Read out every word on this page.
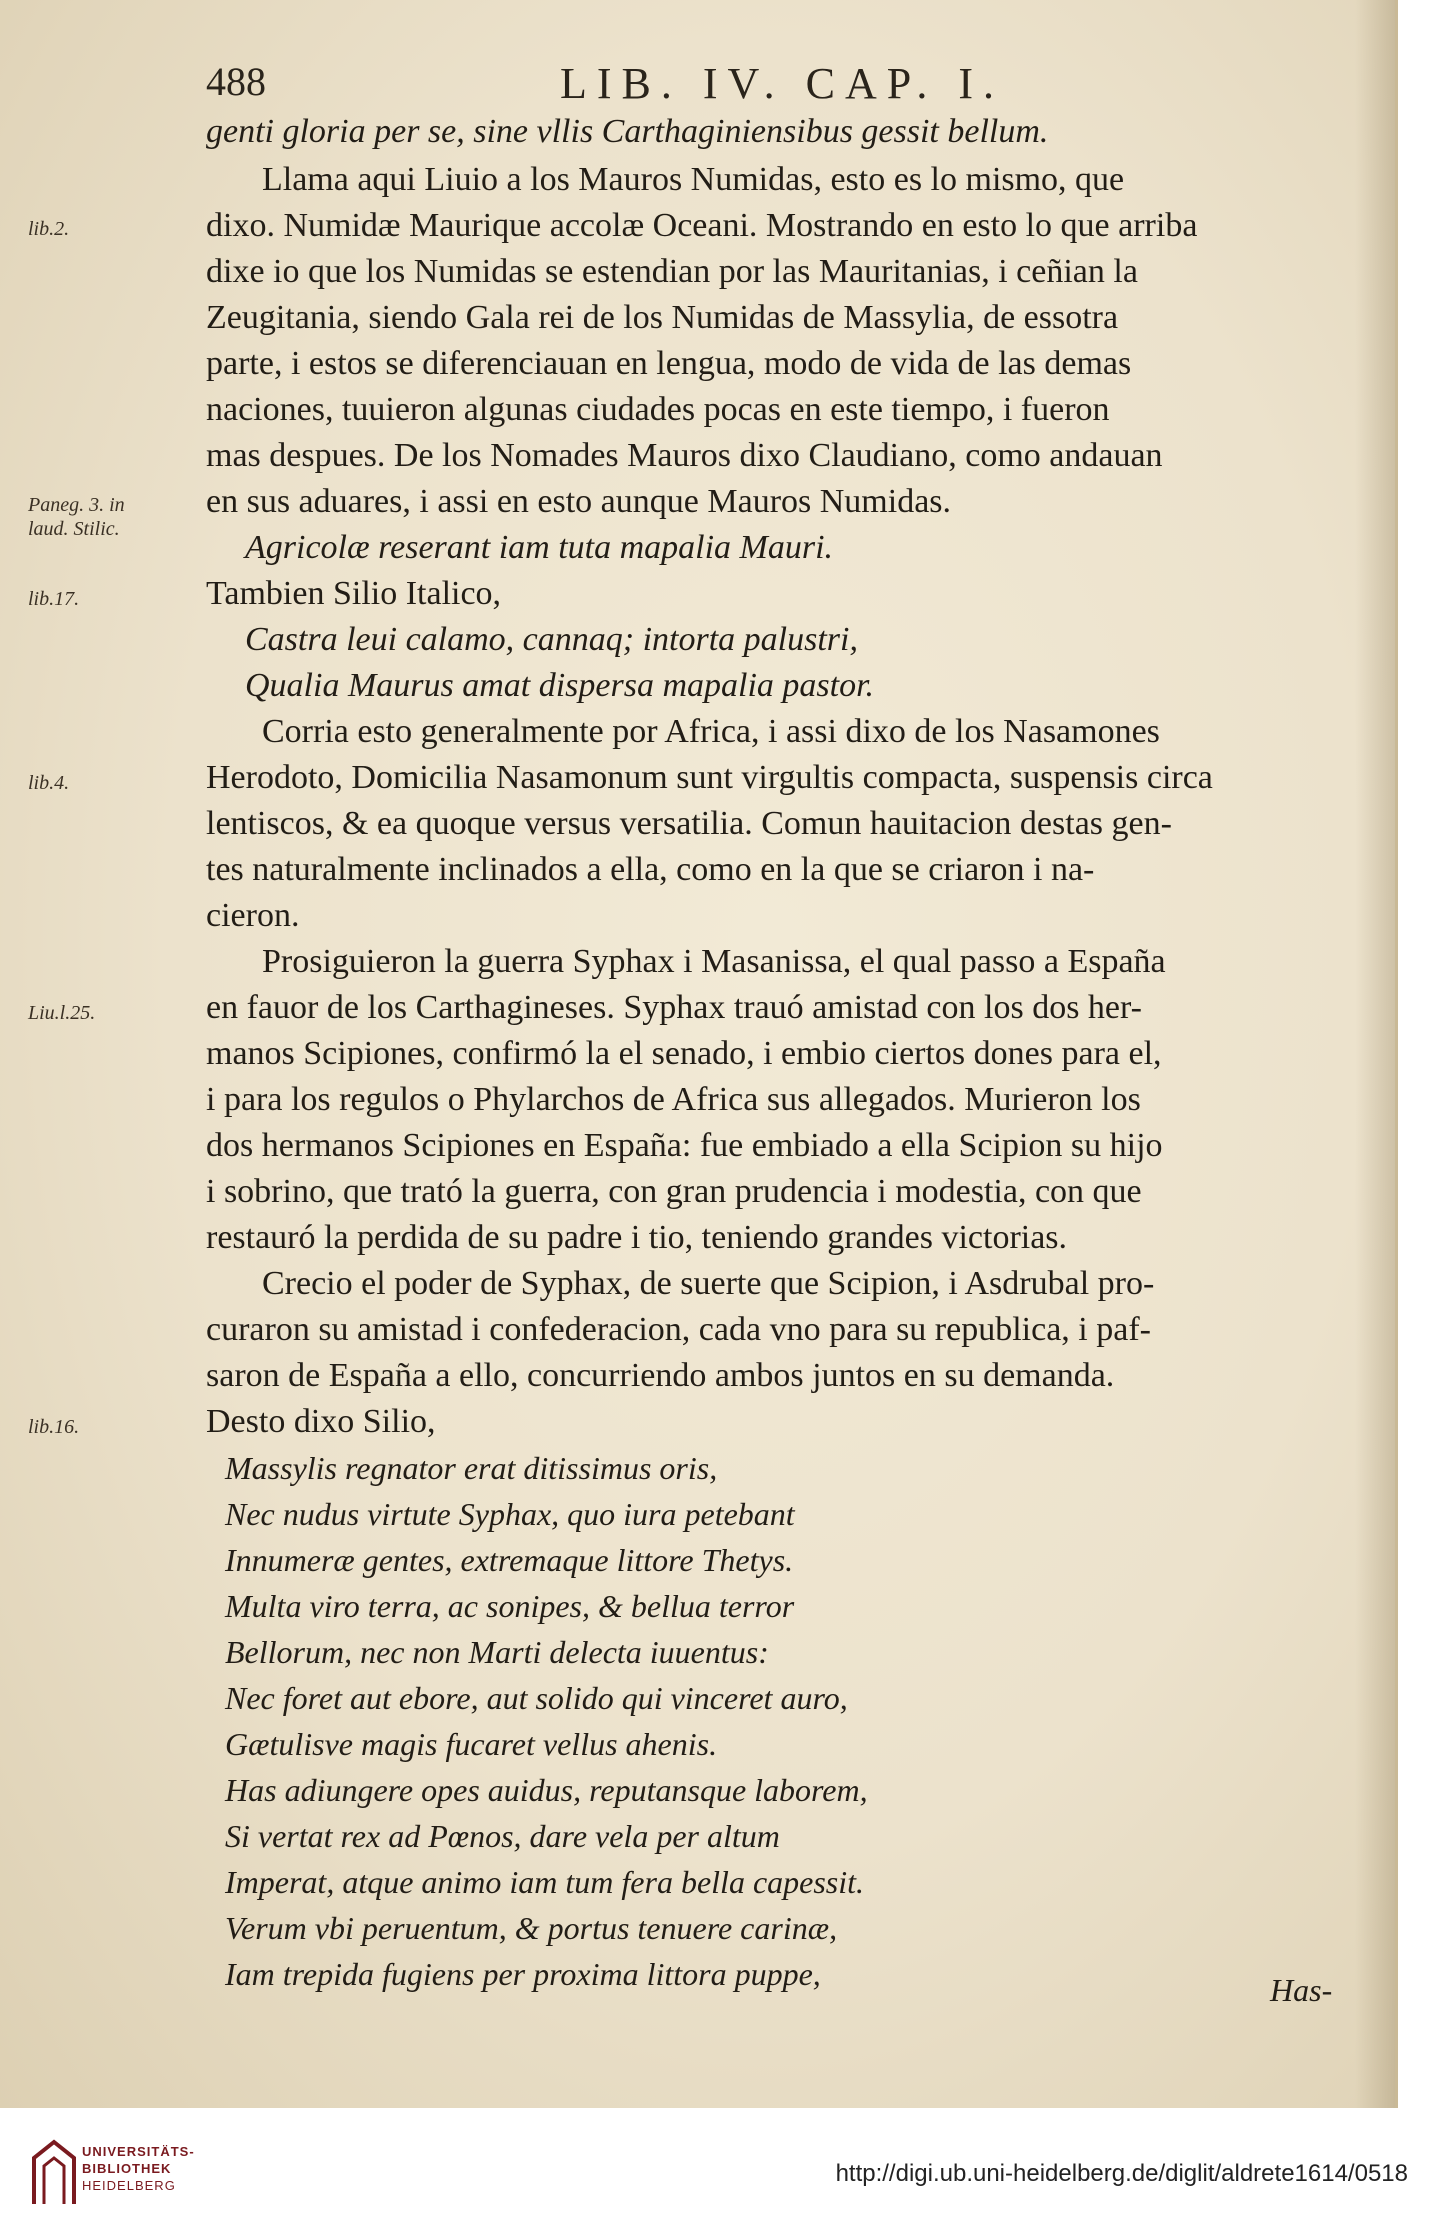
488	LIB. IV. CAP. I.
genti gloria per se, sine vllis Carthaginiensibus gessit bellum.
Llama aqui Liuio a los Mauros Numidas, esto es lo mismo, que
dixo. Numidæ Maurique accolæ Oceani. Mostrando en esto lo que arriba
dixe io que los Numidas se estendian por las Mauritanias, i ceñian la
Zeugitania, siendo Gala rei de los Numidas de Massylia, de essotra
parte, i estos se diferenciauan en lengua, modo de vida de las demas
naciones, tuuieron algunas ciudades pocas en este tiempo, i fueron
mas despues. De los Nomades Mauros dixo Claudiano, como andauan
en sus aduares, i assi en esto aunque Mauros Numidas.
Agricolæ reserant iam tuta mapalia Mauri.
Tambien Silio Italico,
Castra leui calamo, cannaq; intorta palustri,
Qualia Maurus amat dispersa mapalia pastor.
Corria esto generalmente por Africa, i assi dixo de los Nasamones
Herodoto, Domicilia Nasamonum sunt virgultis compacta, suspensis circa
lentiscos, & ea quoque versus versatilia. Comun hauitacion destas gen-
tes naturalmente inclinados a ella, como en la que se criaron i na-
cieron.
Prosiguieron la guerra Syphax i Masanissa, el qual passo a España
en fauor de los Carthagineses. Syphax trauó amistad con los dos her-
manos Scipiones, confirmó la el senado, i embio ciertos dones para el,
i para los regulos o Phylarchos de Africa sus allegados. Murieron los
dos hermanos Scipiones en España: fue embiado a ella Scipion su hijo
i sobrino, que trató la guerra, con gran prudencia i modestia, con que
restauró la perdida de su padre i tio, teniendo grandes victorias.
Crecio el poder de Syphax, de suerte que Scipion, i Asdrubal pro-
curaron su amistad i confederacion, cada vno para su republica, i paf-
saron de España a ello, concurriendo ambos juntos en su demanda.
Desto dixo Silio,
Massylis regnator erat ditissimus oris,
Nec nudus virtute Syphax, quo iura petebant
Innumeræ gentes, extremaque littore Thetys.
Multa viro terra, ac sonipes, & bellua terror
Bellorum, nec non Marti delecta iuuentus:
Nec foret aut ebore, aut solido qui vinceret auro,
Gætulisve magis fucaret vellus ahenis.
Has adiungere opes auidus, reputansque laborem,
Si vertat rex ad Pœnos, dare vela per altum
Imperat, atque animo iam tum fera bella capessit.
Verum vbi peruentum, & portus tenuere carinæ,
Iam trepida fugiens per proxima littora puppe,	Has-
lib.2.
Paneg. 3. in
laud. Stilic.
lib.17.
lib.4.
Liu.l.25.
lib.16.
UNIVERSITÄTS-
BIBLIOTHEK
HEIDELBERG	http://digi.ub.uni-heidelberg.de/diglit/aldrete1614/0518
